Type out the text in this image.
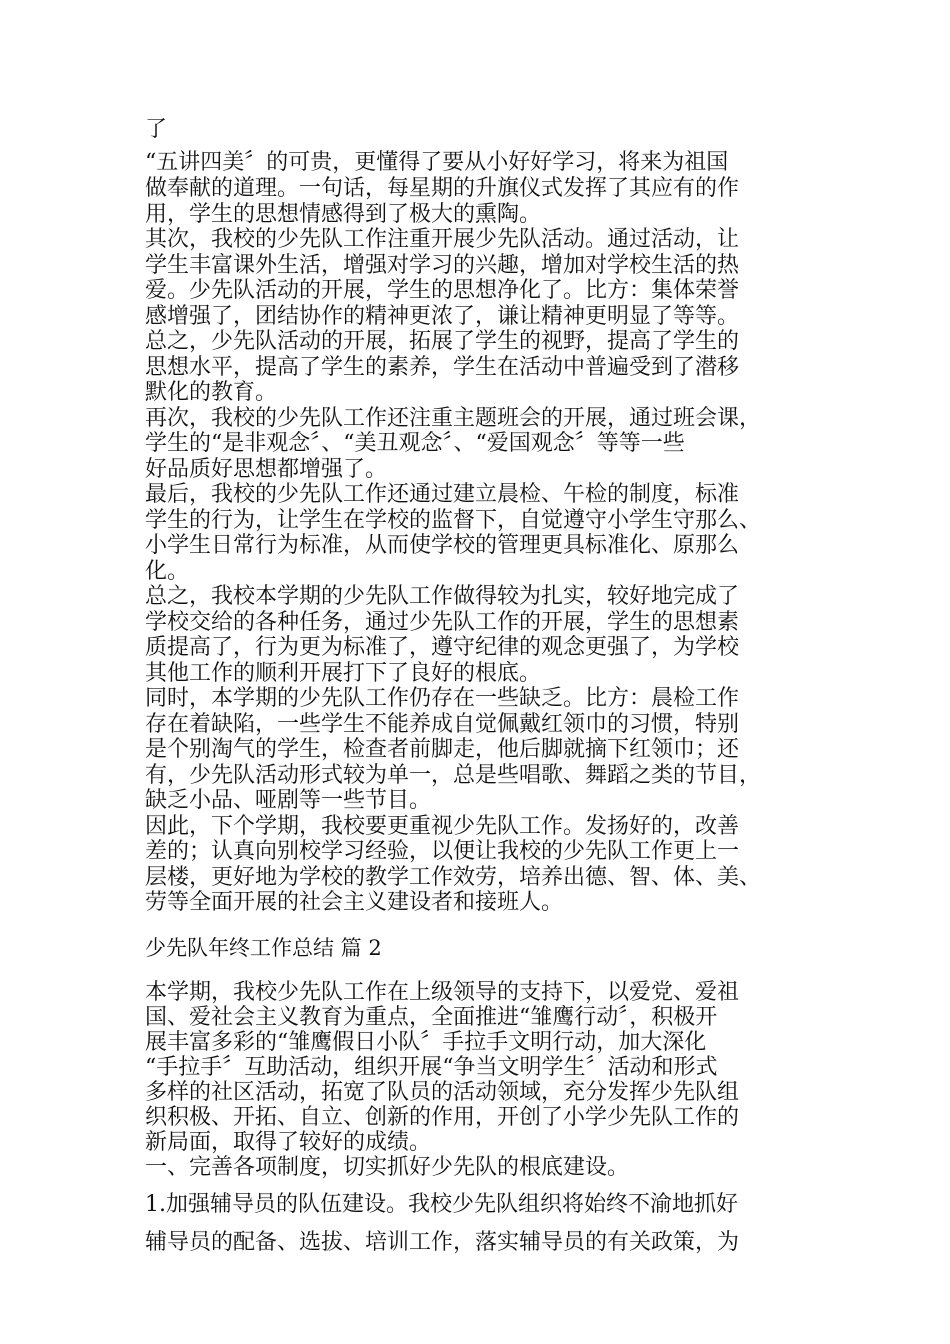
了
“五讲四美〞的可贵，更懂得了要从小好好学习，将来为祖国
做奉献的道理。一句话，每星期的升旗仪式发挥了其应有的作
用，学生的思想情感得到了极大的熏陶。
其次，我校的少先队工作注重开展少先队活动。通过活动，让
学生丰富课外生活，增强对学习的兴趣，增加对学校生活的热
爱。少先队活动的开展，学生的思想净化了。比方：集体荣誉
感增强了，团结协作的精神更浓了，谦让精神更明显了等等。
总之，少先队活动的开展，拓展了学生的视野，提高了学生的
思想水平，提高了学生的素养，学生在活动中普遍受到了潜移
默化的教育。
再次，我校的少先队工作还注重主题班会的开展，通过班会课，
学生的“是非观念〞、“美丑观念〞、“爱国观念〞等等一些
好品质好思想都增强了。
最后，我校的少先队工作还通过建立晨检、午检的制度，标准
学生的行为，让学生在学校的监督下，自觉遵守小学生守那么、
小学生日常行为标准，从而使学校的管理更具标准化、原那么
化。
总之，我校本学期的少先队工作做得较为扎实，较好地完成了
学校交给的各种任务，通过少先队工作的开展，学生的思想素
质提高了，行为更为标准了，遵守纪律的观念更强了，为学校
其他工作的顺利开展打下了良好的根底。
同时，本学期的少先队工作仍存在一些缺乏。比方：晨检工作
存在着缺陷，一些学生不能养成自觉佩戴红领巾的习惯，特别
是个别淘气的学生，检查者前脚走，他后脚就摘下红领巾；还
有，少先队活动形式较为单一，总是些唱歌、舞蹈之类的节目，
缺乏小品、哑剧等一些节目。
因此，下个学期，我校要更重视少先队工作。发扬好的，改善
差的；认真向别校学习经验，以便让我校的少先队工作更上一
层楼，更好地为学校的教学工作效劳，培养出德、智、体、美、
劳等全面开展的社会主义建设者和接班人。
少先队年终工作总结 篇 2
本学期，我校少先队工作在上级领导的支持下，以爱党、爱祖
国、爱社会主义教育为重点，全面推进“雏鹰行动〞，积极开
展丰富多彩的“雏鹰假日小队〞手拉手文明行动，加大深化
“手拉手〞互助活动，组织开展“争当文明学生〞活动和形式
多样的社区活动，拓宽了队员的活动领域，充分发挥少先队组
织积极、开拓、自立、创新的作用，开创了小学少先队工作的
新局面，取得了较好的成绩。
一、完善各项制度，切实抓好少先队的根底建设。
1.加强辅导员的队伍建设。我校少先队组织将始终不渝地抓好
辅导员的配备、选拔、培训工作，落实辅导员的有关政策，为
